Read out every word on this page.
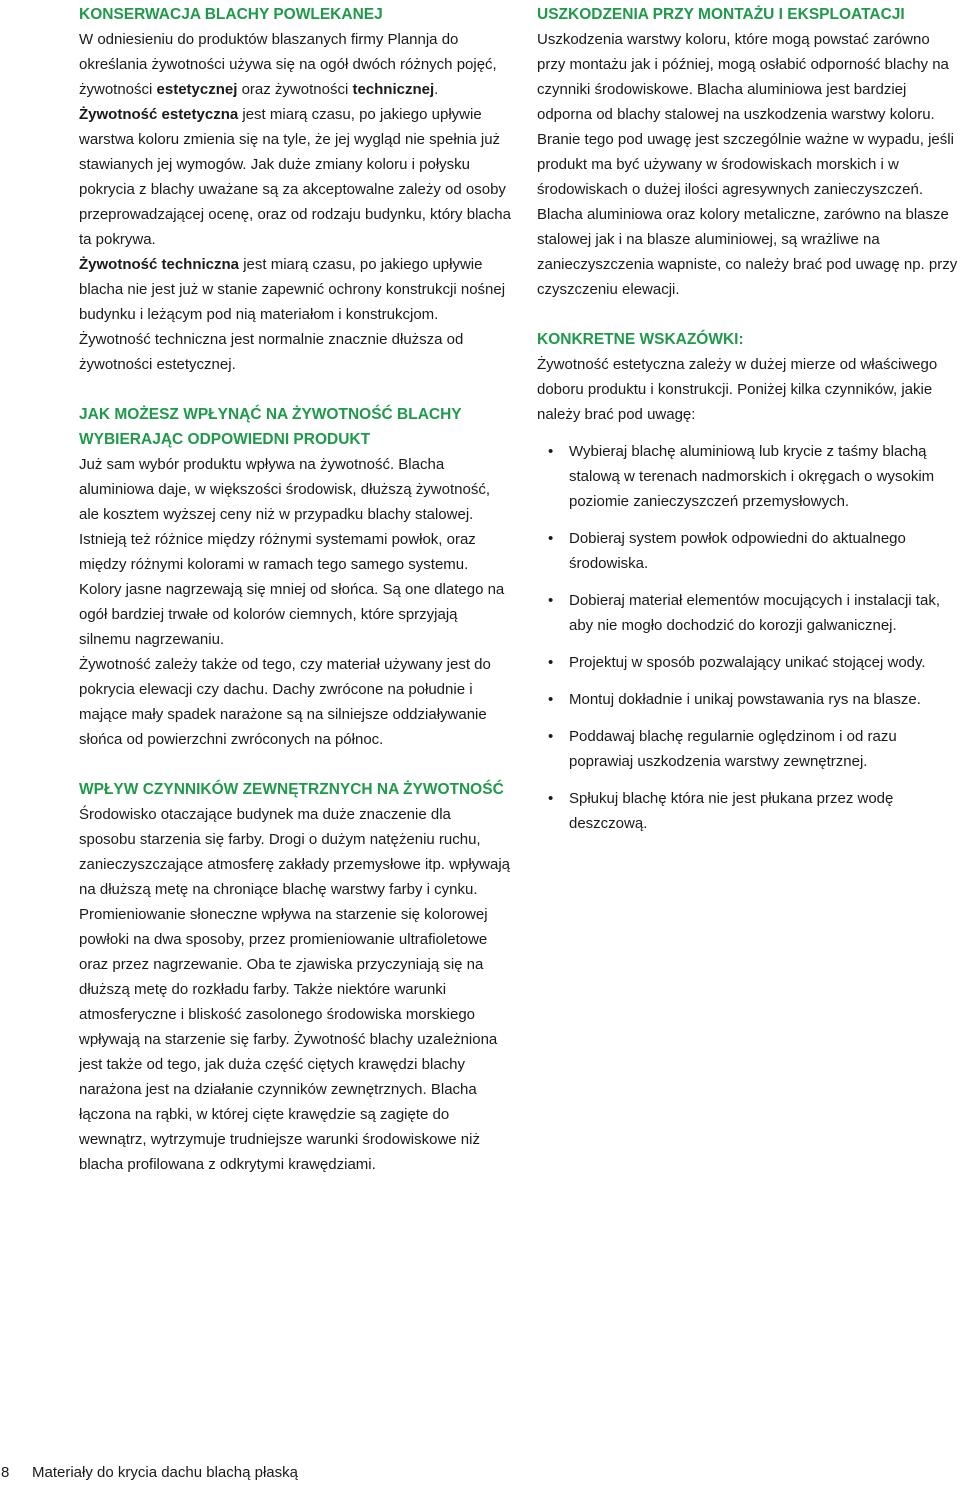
KONSERWACJA BLACHY POWLEKANEJ

W odniesieniu do produktów blaszanych firmy Plannja do określania żywotności używa się na ogół dwóch różnych pojęć, żywotności estetycznej oraz żywotności technicznej.

Żywotność estetyczna jest miarą czasu, po jakiego upływie warstwa koloru zmienia się na tyle, że jej wygląd nie spełnia już stawianych jej wymogów. Jak duże zmiany koloru i połysku pokrycia z blachy uważane są za akceptowalne zależy od osoby przeprowadzającej ocenę, oraz od rodzaju budynku, który blacha ta pokrywa.

Żywotność techniczna jest miarą czasu, po jakiego upływie blacha nie jest już w stanie zapewnić ochrony konstrukcji nośnej budynku i leżącym pod nią materiałom i konstrukcjom. Żywotność techniczna jest normalnie znacznie dłuższa od żywotności estetycznej.

JAK MOŻESZ WPŁYNĄĆ NA ŻYWOTNOŚĆ BLACHY WYBIERAJĄC ODPOWIEDNI PRODUKT

Już sam wybór produktu wpływa na żywotność. Blacha aluminiowa daje, w większości środowisk, dłuższą żywotność, ale kosztem wyższej ceny niż w przypadku blachy stalowej. Istnieją też różnice między różnymi systemami powłok, oraz między różnymi kolorami w ramach tego samego systemu. Kolory jasne nagrzewają się mniej od słońca. Są one dlatego na ogół bardziej trwałe od kolorów ciemnych, które sprzyjają silnemu nagrzewaniu.

Żywotność zależy także od tego, czy materiał używany jest do pokrycia elewacji czy dachu. Dachy zwrócone na południe i mające mały spadek narażone są na silniejsze oddziaływanie słońca od powierzchni zwróconych na północ.

WPŁYW CZYNNIKÓW ZEWNĘTRZNYCH NA ŻYWOTNOŚĆ

Środowisko otaczające budynek ma duże znaczenie dla sposobu starzenia się farby. Drogi o dużym natężeniu ruchu, zanieczyszczające atmosferę zakłady przemysłowe itp. wpływają na dłuższą metę na chroniące blachę warstwy farby i cynku. Promieniowanie słoneczne wpływa na starzenie się kolorowej powłoki na dwa sposoby, przez promieniowanie ultrafioletowe oraz przez nagrzewanie. Oba te zjawiska przyczyniają się na dłuższą metę do rozkładu farby. Także niektóre warunki atmosferyczne i bliskość zasolonego środowiska morskiego wpływają na starzenie się farby. Żywotność blachy uzależniona jest także od tego, jak duża część ciętych krawędzi blachy narażona jest na działanie czynników zewnętrznych. Blacha łączona na rąbki, w której cięte krawędzie są zagięte do wewnątrz, wytrzymuje trudniejsze warunki środowiskowe niż blacha profilowana z odkrytymi krawędziami.

USZKODZENIA PRZY MONTAŻU I EKSPLOATACJI

Uszkodzenia warstwy koloru, które mogą powstać zarówno przy montażu jak i później, mogą osłabić odporność blachy na czynniki środowiskowe. Blacha aluminiowa jest bardziej odporna od blachy stalowej na uszkodzenia warstwy koloru. Branie tego pod uwagę jest szczególnie ważne w wypadu, jeśli produkt ma być używany w środowiskach morskich i w środowiskach o dużej ilości agresywnych zanieczyszczeń. Blacha aluminiowa oraz kolory metaliczne, zarówno na blasze stalowej jak i na blasze aluminiowej, są wrażliwe na zanieczyszczenia wapniste, co należy brać pod uwagę np. przy czyszczeniu elewacji.

KONKRETNE WSKAZÓWKI:

Żywotność estetyczna zależy w dużej mierze od właściwego doboru produktu i konstrukcji. Poniżej kilka czynników, jakie należy brać pod uwagę:

• Wybieraj blachę aluminiową lub krycie z taśmy blachą stalową w terenach nadmorskich i okręgach o wysokim poziomie zanieczyszczeń przemysłowych.
• Dobieraj system powłok odpowiedni do aktualnego środowiska.
• Dobieraj materiał elementów mocujących i instalacji tak, aby nie mogło dochodzić do korozji galwanicznej.
• Projektuj w sposób pozwalający unikać stojącej wody.
• Montuj dokładnie i unikaj powstawania rys na blasze.
• Poddawaj blachę regularnie oględzinom i od razu poprawiaj uszkodzenia warstwy zewnętrznej.
• Spłukuj blachę która nie jest płukana przez wodę deszczową.
8 Materiały do krycia dachu blachą płaską
